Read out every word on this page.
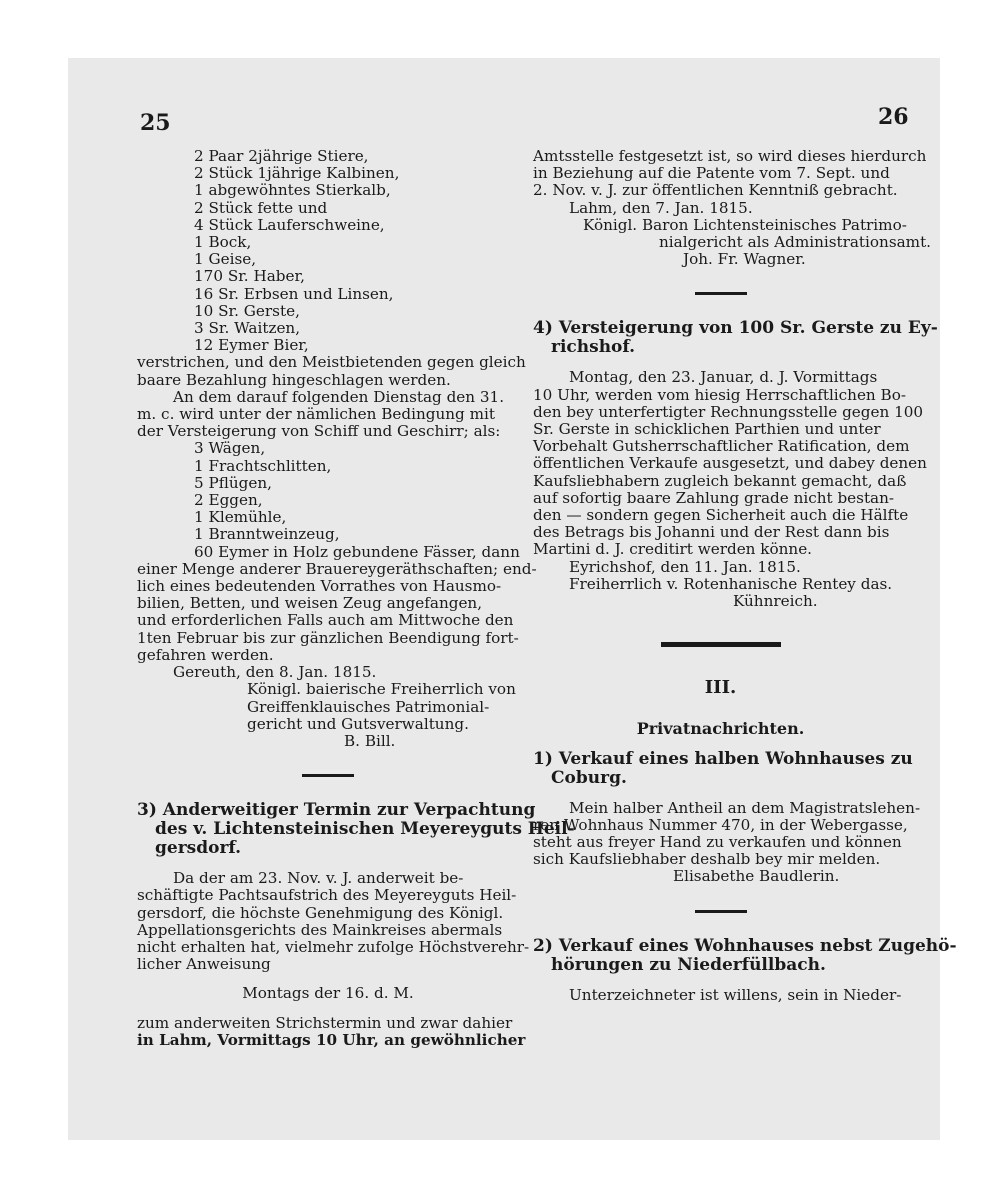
25	26
2 Paar 2jährige Stiere,
2 Stück 1jährige Kalbinen,
1 abgewöhntes Stierkalb,
2 Stück fette und
4 Stück Lauferschweine,
1 Bock,
1 Geise,
170 Sr. Haber,
16 Sr. Erbsen und Linsen,
10 Sr. Gerste,
3 Sr. Waitzen,
12 Eymer Bier,
verstrichen, und den Meistbietenden gegen gleich
baare Bezahlung hingeschlagen werden.
An dem darauf folgenden Dienstag den 31.
m. c. wird unter der nämlichen Bedingung mit
der Versteigerung von Schiff und Geschirr; als:
3 Wägen,
1 Frachtschlitten,
5 Pflügen,
2 Eggen,
1 Klemühle,
1 Branntweinzeug,
60 Eymer in Holz gebundene Fässer, dann
einer Menge anderer Brauereygeräthschaften; end-
lich eines bedeutenden Vorrathes von Hausmo-
bilien, Betten, und weisen Zeug angefangen,
und erforderlichen Falls auch am Mittwoche den
1ten Februar bis zur gänzlichen Beendigung fort-
gefahren werden.
Gereuth, den 8. Jan. 1815.
Königl. baierische Freiherrlich von
Greiffenklauisches Patrimonial-
gericht und Gutsverwaltung.
B. Bill.
3) Anderweitiger Termin zur Verpachtung
des v. Lichtensteinischen Meyereyguts Heil-
gersdorf.
Da der am 23. Nov. v. J. anderweit be-
schäftigte Pachtsaufstrich des Meyereyguts Heil-
gersdorf, die höchste Genehmigung des Königl.
Appellationsgerichts des Mainkreises abermals
nicht erhalten hat, vielmehr zufolge Höchstverehr-
licher Anweisung
Montags der 16. d. M.
zum anderweiten Strichstermin und zwar dahier
in Lahm, Vormittags 10 Uhr, an gewöhnlicher
Amtsstelle festgesetzt ist, so wird dieses hierdurch
in Beziehung auf die Patente vom 7. Sept. und
2. Nov. v. J. zur öffentlichen Kenntniß gebracht.
Lahm, den 7. Jan. 1815.
Königl. Baron Lichtensteinisches Patrimo-
nialgericht als Administrationsamt.
Joh. Fr. Wagner.
4) Versteigerung von 100 Sr. Gerste zu Ey-
richshof.
Montag, den 23. Januar, d. J. Vormittags
10 Uhr, werden vom hiesig Herrschaftlichen Bo-
den bey unterfertigter Rechnungsstelle gegen 100
Sr. Gerste in schicklichen Parthien und unter
Vorbehalt Gutsherrschaftlicher Ratification, dem
öffentlichen Verkaufe ausgesetzt, und dabey denen
Kaufsliebhabern zugleich bekannt gemacht, daß
auf sofortig baare Zahlung grade nicht bestan-
den — sondern gegen Sicherheit auch die Hälfte
des Betrags bis Johanni und der Rest dann bis
Martini d. J. creditirt werden könne.
Eyrichshof, den 11. Jan. 1815.
Freiherrlich v. Rotenhanische Rentey das.
Kühnreich.
III.
Privatnachrichten.
1) Verkauf eines halben Wohnhauses zu
Coburg.
Mein halber Antheil an dem Magistratslehen-
ren Wohnhaus Nummer 470, in der Webergasse,
steht aus freyer Hand zu verkaufen und können
sich Kaufsliebhaber deshalb bey mir melden.
Elisabethe Baudlerin.
2) Verkauf eines Wohnhauses nebst Zugehö-
hörungen zu Niederfüllbach.
Unterzeichneter ist willens, sein in Nieder-
